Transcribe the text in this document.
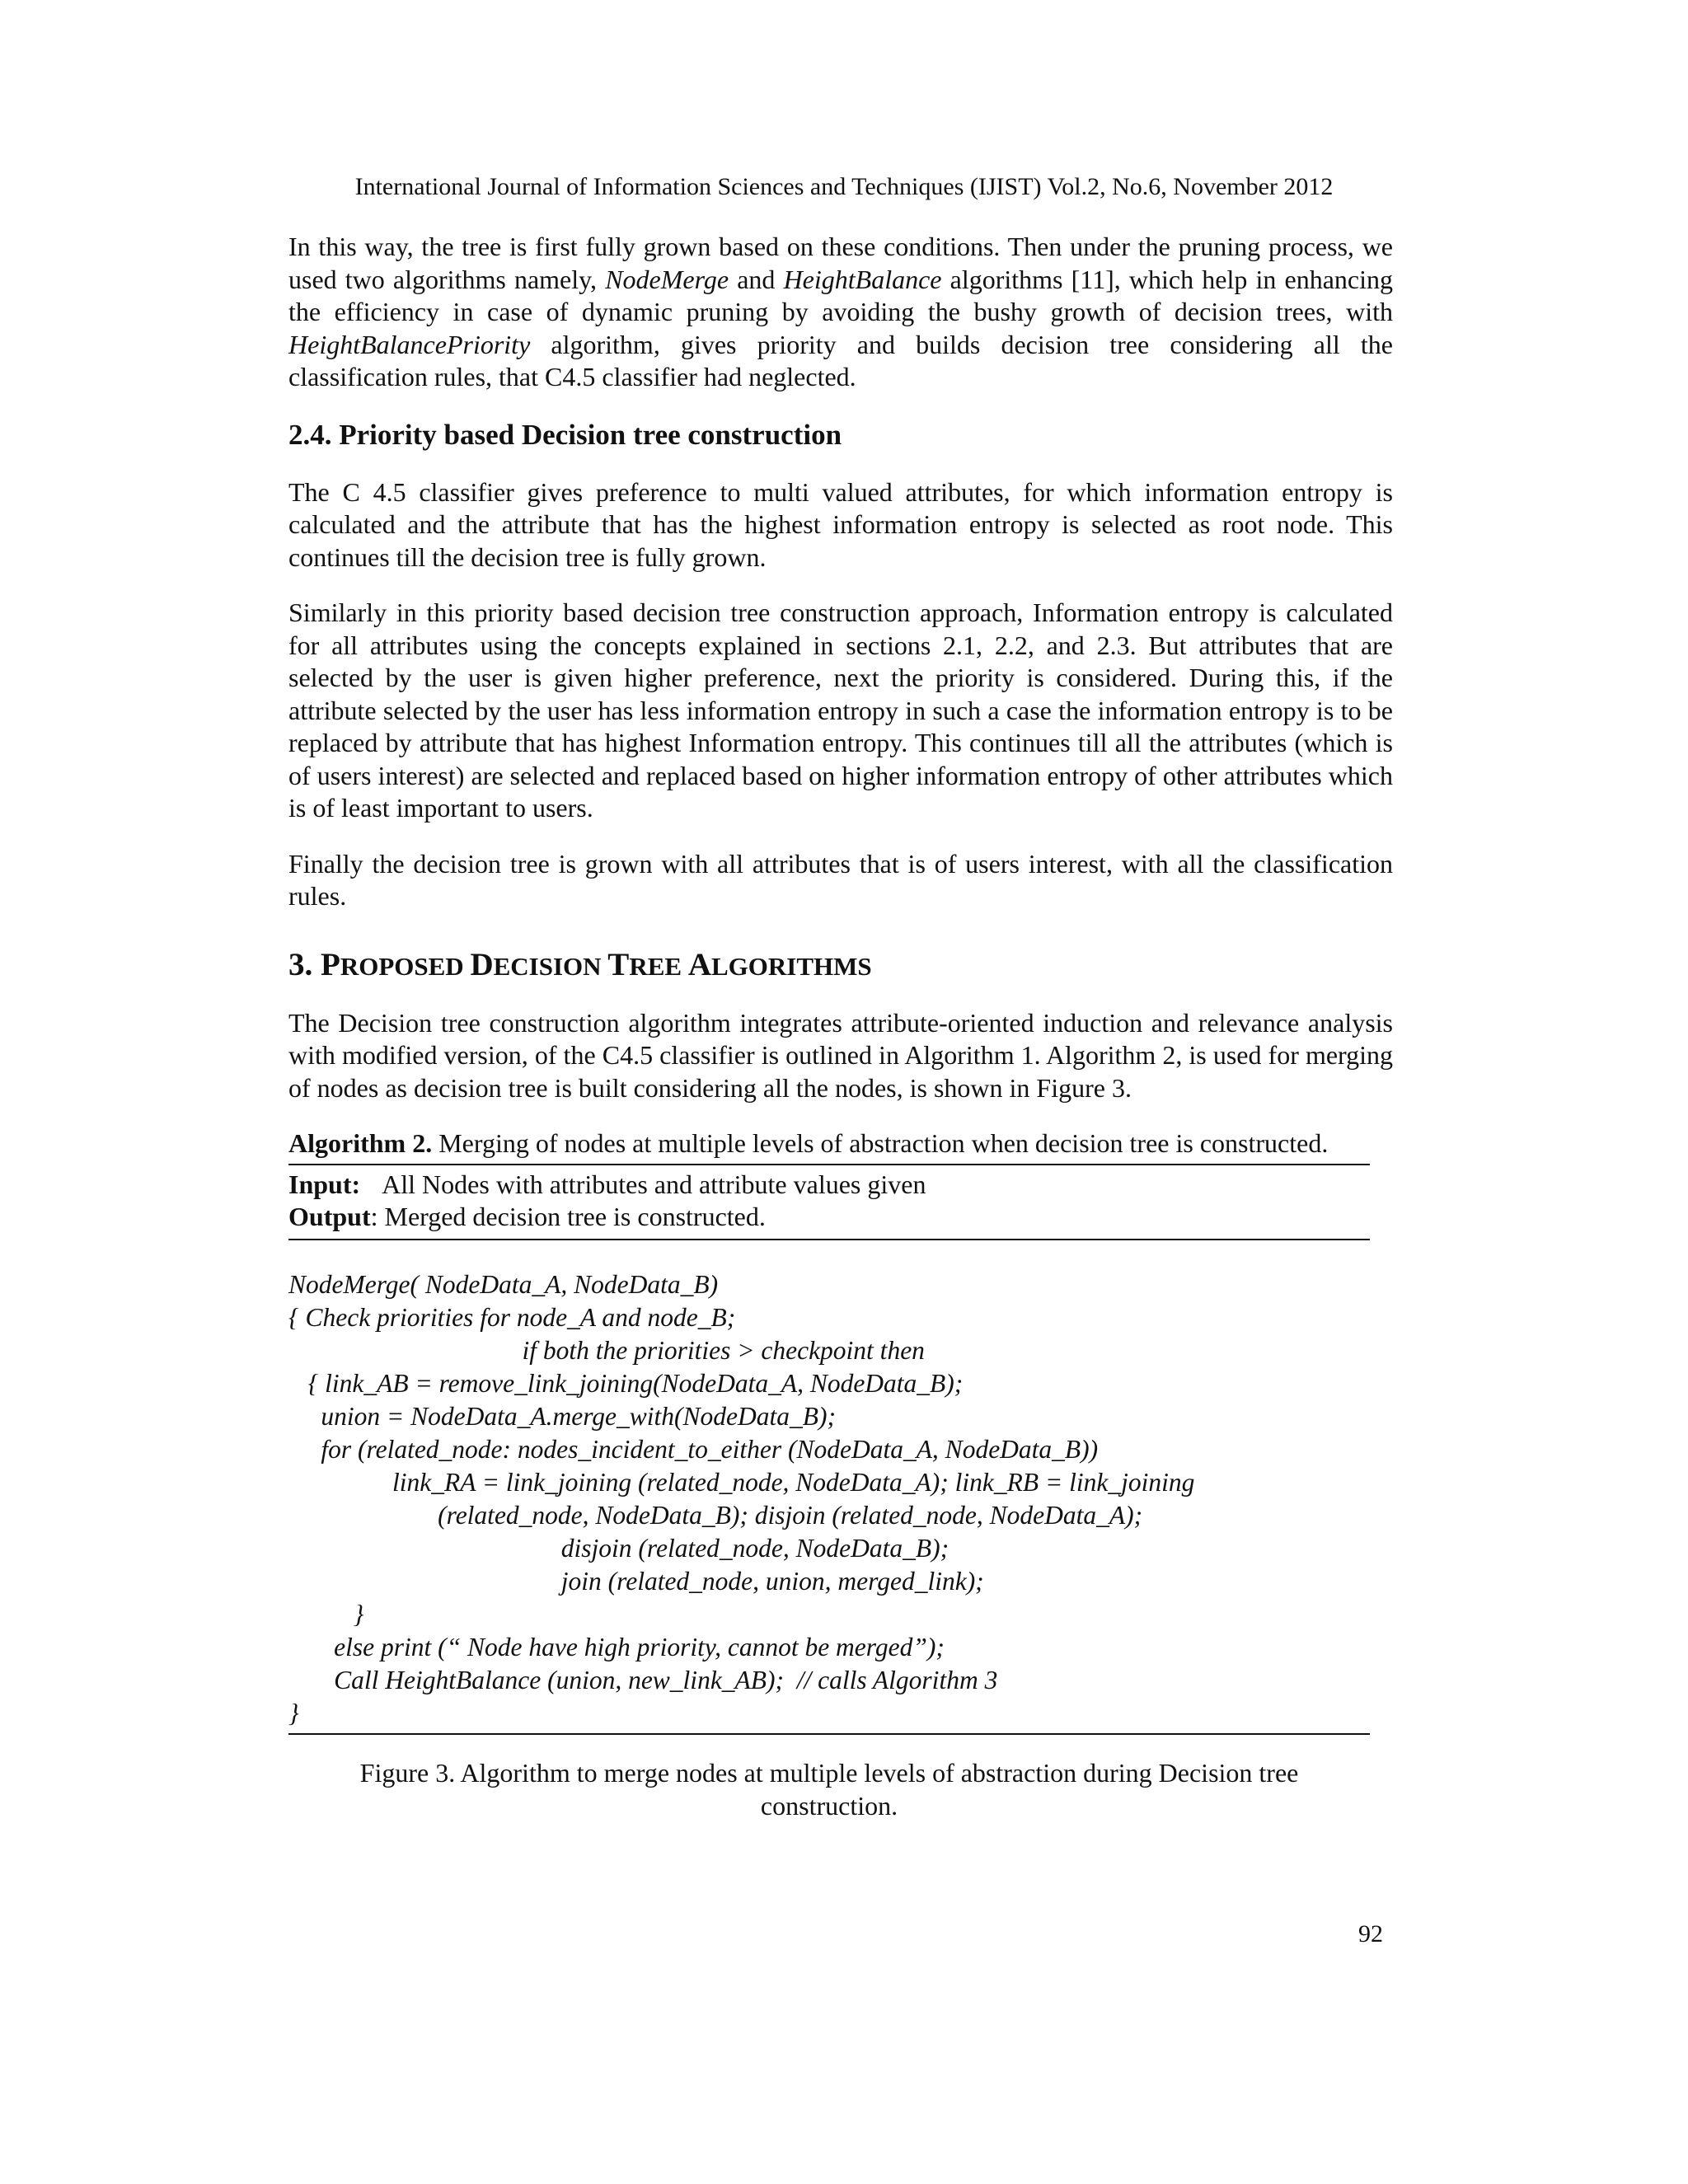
International Journal of Information Sciences and Techniques (IJIST) Vol.2, No.6, November 2012

In this way, the tree is first fully grown based on these conditions. Then under the pruning process, we used two algorithms namely, NodeMerge and HeightBalance algorithms [11], which help in enhancing the efficiency in case of dynamic pruning by avoiding the bushy growth of decision trees, with HeightBalancePriority algorithm, gives priority and builds decision tree considering all the classification rules, that C4.5 classifier had neglected.

2.4. Priority based Decision tree construction

The C 4.5 classifier gives preference to multi valued attributes, for which information entropy is calculated and the attribute that has the highest information entropy is selected as root node. This continues till the decision tree is fully grown.

Similarly in this priority based decision tree construction approach, Information entropy is calculated for all attributes using the concepts explained in sections 2.1, 2.2, and 2.3. But attributes that are selected by the user is given higher preference, next the priority is considered. During this, if the attribute selected by the user has less information entropy in such a case the information entropy is to be replaced by attribute that has highest Information entropy. This continues till all the attributes (which is of users interest) are selected and replaced based on higher information entropy of other attributes which is of least important to users.

Finally the decision tree is grown with all attributes that is of users interest, with all the classification rules.

3. PROPOSED DECISION TREE ALGORITHMS

The Decision tree construction algorithm integrates attribute-oriented induction and relevance analysis with modified version, of the C4.5 classifier is outlined in Algorithm 1. Algorithm 2, is used for merging of nodes as decision tree is built considering all the nodes, is shown in Figure 3.

Algorithm 2. Merging of nodes at multiple levels of abstraction when decision tree is constructed.

Input: All Nodes with attributes and attribute values given
Output: Merged decision tree is constructed.
NodeMerge( NodeData_A, NodeData_B)
{ Check priorities for node_A and node_B;
if both the priorities > checkpoint then
{ link_AB = remove_link_joining(NodeData_A, NodeData_B);
union = NodeData_A.merge_with(NodeData_B);
for (related_node: nodes_incident_to_either (NodeData_A, NodeData_B))
link_RA = link_joining (related_node, NodeData_A); link_RB = link_joining
(related_node, NodeData_B); disjoin (related_node, NodeData_A);
disjoin (related_node, NodeData_B);
join (related_node, union, merged_link);
}
else print (“ Node have high priority, cannot be merged”);
Call HeightBalance (union, new_link_AB);  // calls Algorithm 3
}
Figure 3. Algorithm to merge nodes at multiple levels of abstraction during Decision tree construction.
92
